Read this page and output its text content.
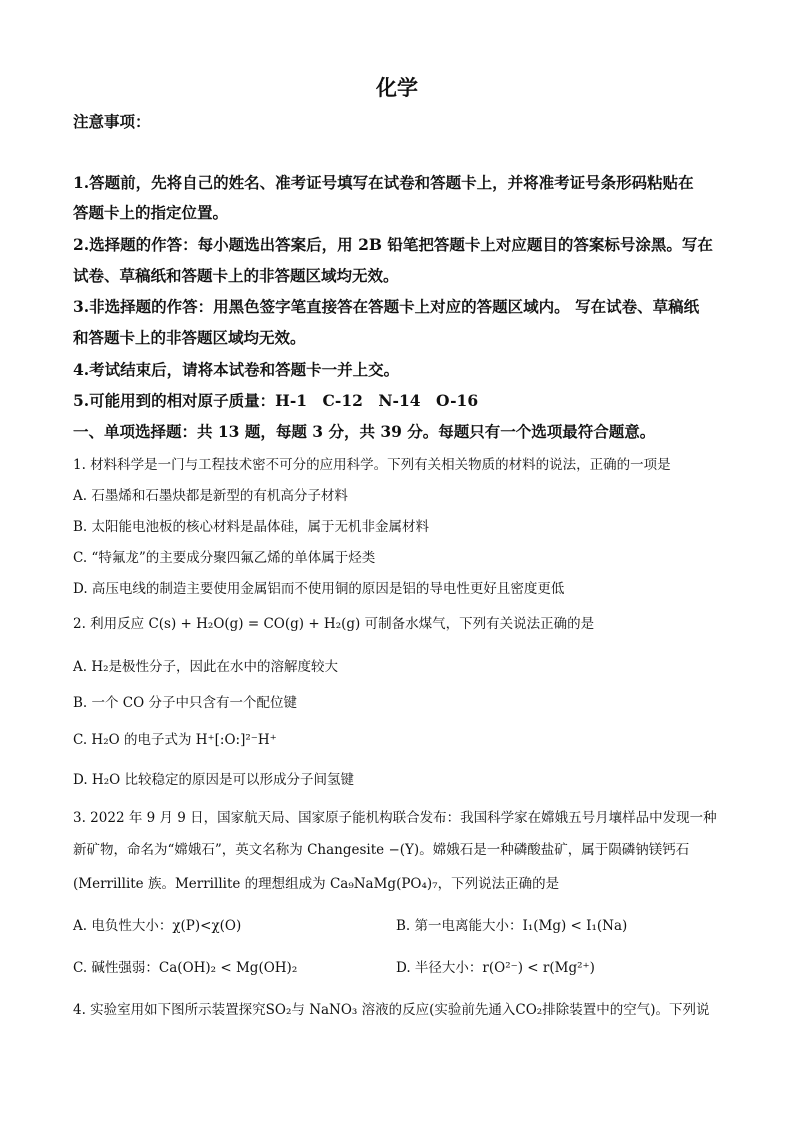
化学
注意事项：
1.答题前，先将自己的姓名、准考证号填写在试卷和答题卡上，并将准考证号条形码粘贴在
答题卡上的指定位置。
2.选择题的作答：每小题选出答案后，用 2B 铅笔把答题卡上对应题目的答案标号涂黑。写在
试卷、草稿纸和答题卡上的非答题区域均无效。
3.非选择题的作答：用黑色签字笔直接答在答题卡上对应的答题区域内。 写在试卷、草稿纸
和答题卡上的非答题区域均无效。
4.考试结束后，请将本试卷和答题卡一并上交。
5.可能用到的相对原子质量：H-1　C-12　N-14　O-16
一、单项选择题：共 13 题，每题 3 分，共 39 分。每题只有一个选项最符合题意。
1. 材料科学是一门与工程技术密不可分的应用科学。下列有关相关物质的材料的说法，正确的一项是
A. 石墨烯和石墨炔都是新型的有机高分子材料
B. 太阳能电池板的核心材料是晶体硅，属于无机非金属材料
C. “特氟龙”的主要成分聚四氟乙烯的单体属于烃类
D. 高压电线的制造主要使用金属铝而不使用铜的原因是铝的导电性更好且密度更低
2. 利用反应 C(s) + H₂O(g) = CO(g) + H₂(g) 可制备水煤气，下列有关说法正确的是
A. H₂是极性分子，因此在水中的溶解度较大
B. 一个 CO 分子中只含有一个配位键
C. H₂O 的电子式为 H⁺[:O:]²⁻H⁺
D. H₂O 比较稳定的原因是可以形成分子间氢键
3. 2022 年 9 月 9 日，国家航天局、国家原子能机构联合发布：我国科学家在嫦娥五号月壤样品中发现一种
新矿物，命名为“嫦娥石”，英文名称为 Changesite −(Y)。嫦娥石是一种磷酸盐矿，属于陨磷钠镁钙石
(Merrillite 族。Merrillite 的理想组成为 Ca₉NaMg(PO₄)₇，下列说法正确的是
A. 电负性大小：χ(P)<χ(O)	B. 第一电离能大小：I₁(Mg) < I₁(Na)
C. 碱性强弱：Ca(OH)₂ < Mg(OH)₂	D. 半径大小：r(O²⁻) < r(Mg²⁺)
4. 实验室用如下图所示装置探究SO₂与 NaNO₃ 溶液的反应(实验前先通入CO₂排除装置中的空气)。下列说
